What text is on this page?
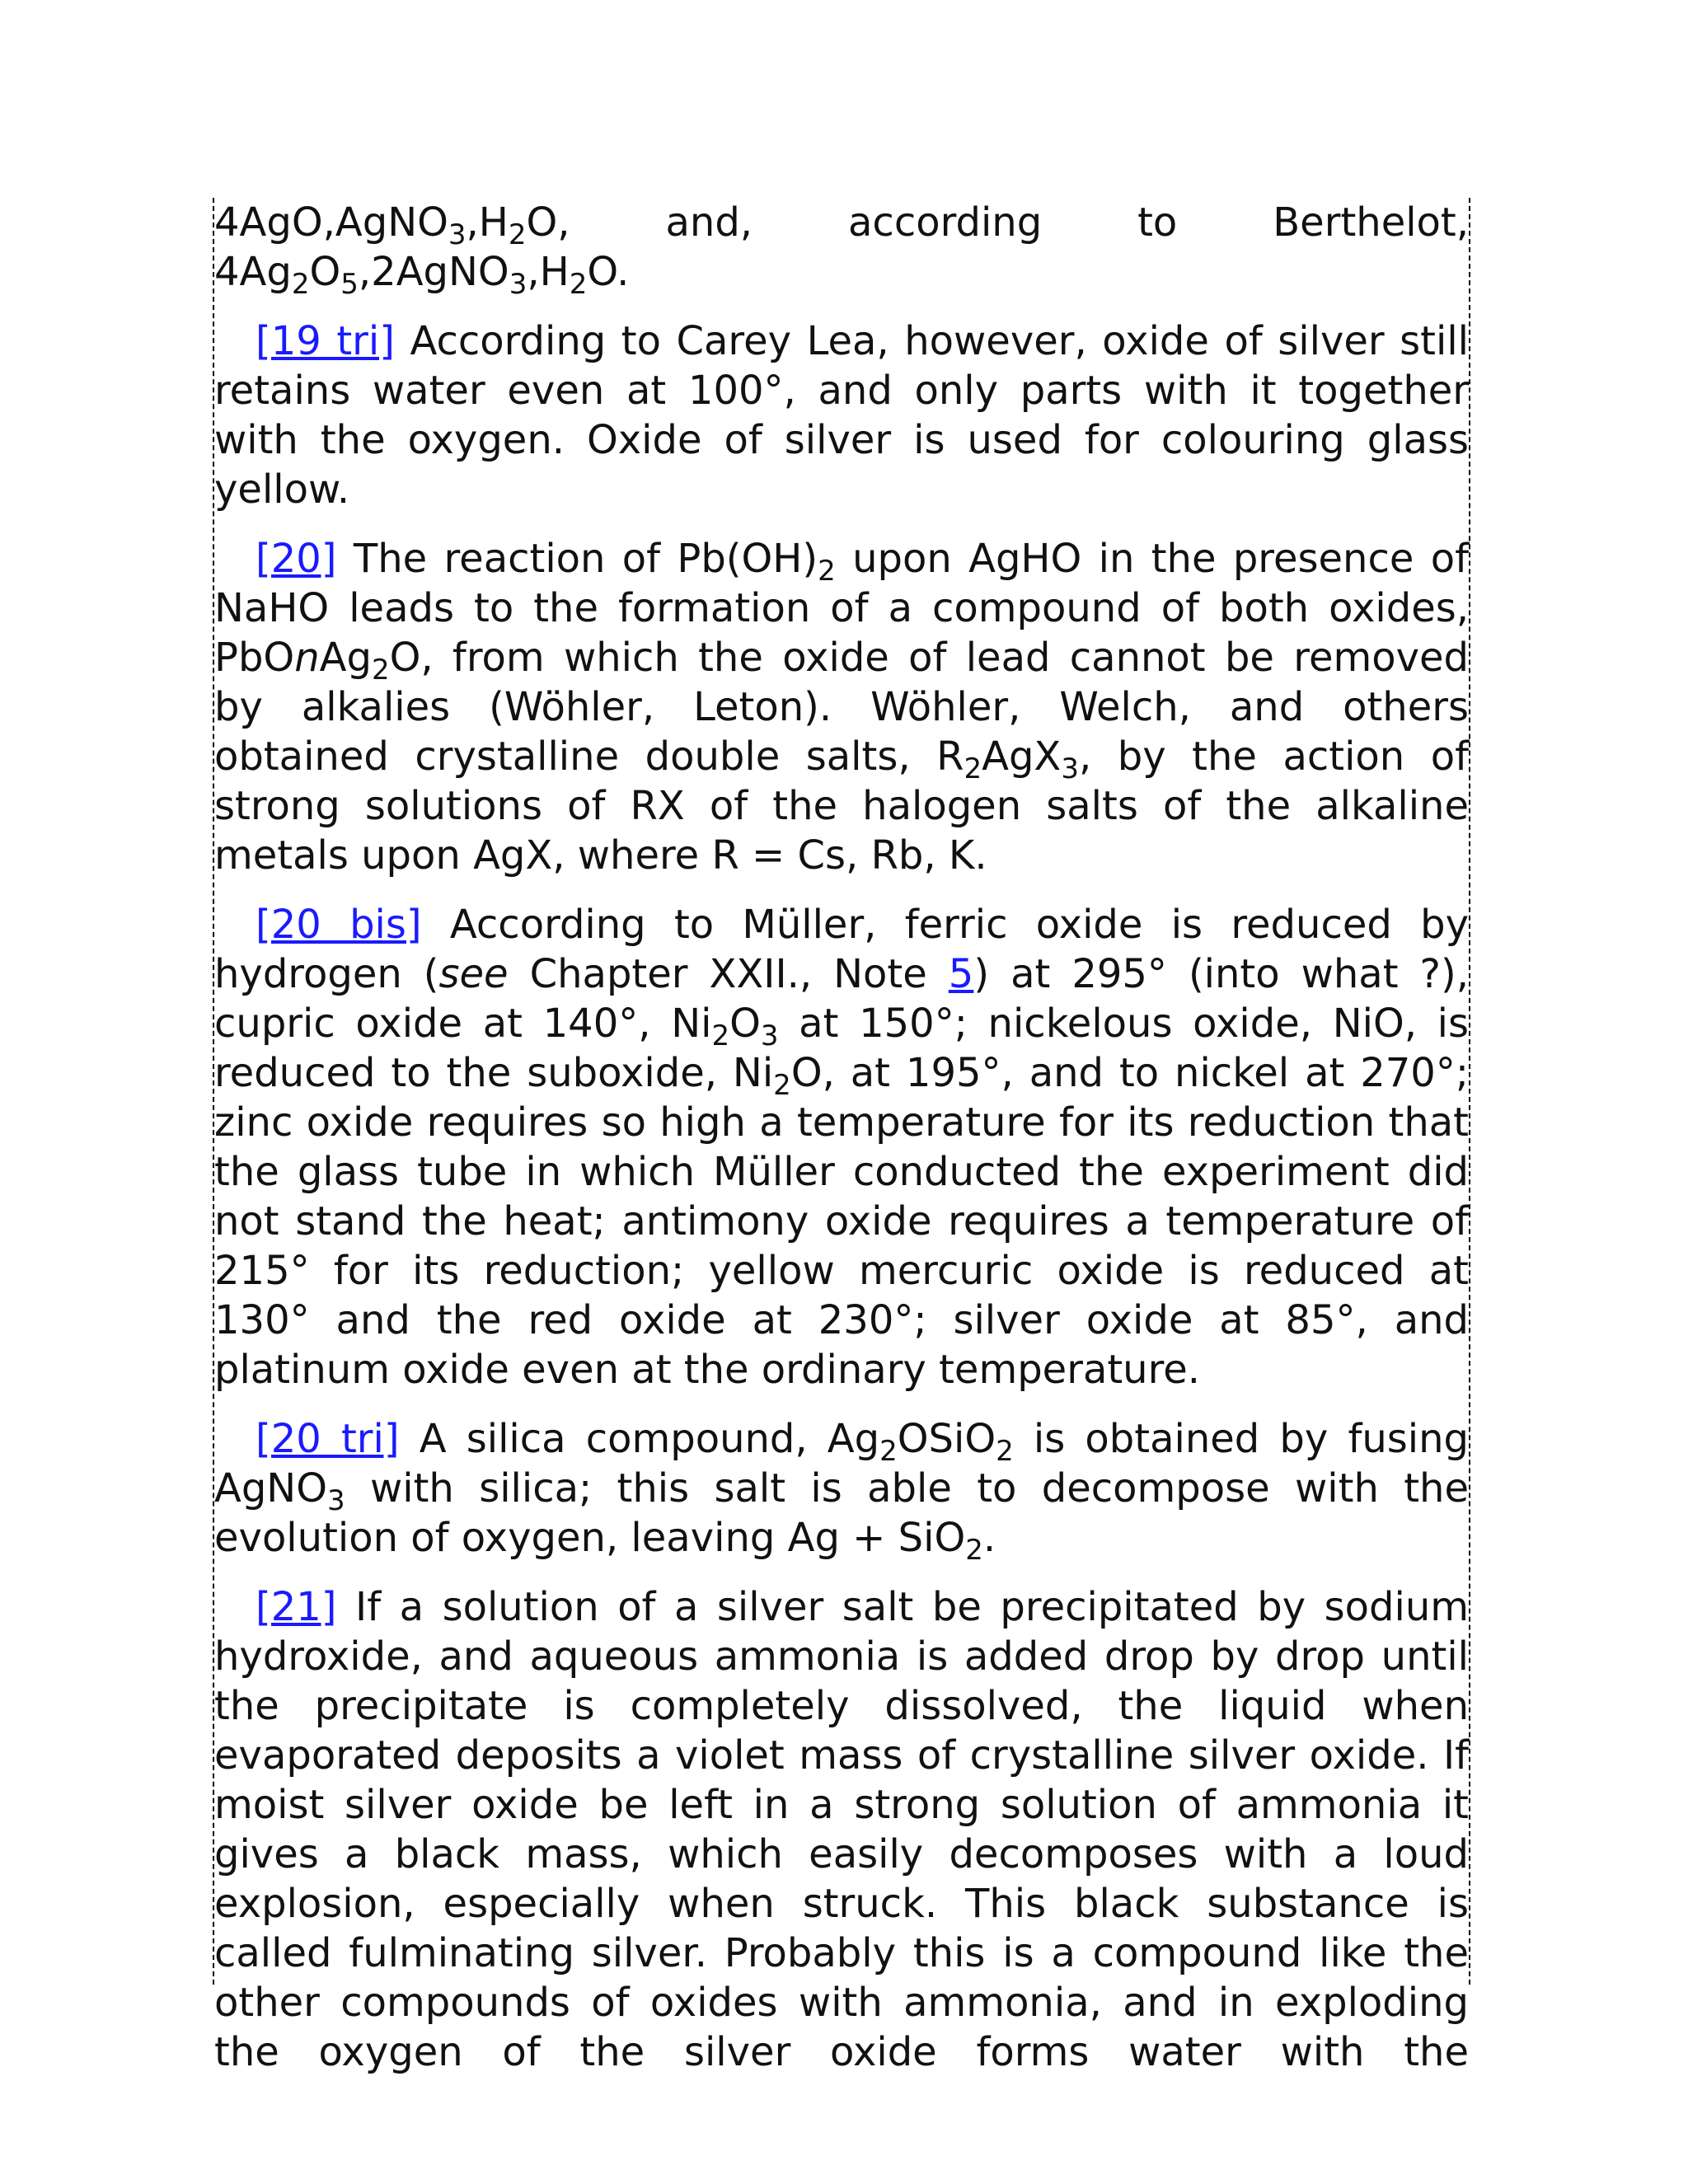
$4AgO,AgNO_3,H_2O$, and, according to Berthelot, $4Ag_2O_5,2AgNO_3,H_2O$.

[19 tri] According to Carey Lea, however, oxide of silver still retains water even at 100°, and only parts with it together with the oxygen. Oxide of silver is used for colouring glass yellow.

[20] The reaction of $Pb(OH)_2$ upon AgHO in the presence of NaHO leads to the formation of a compound of both oxides, PbOnAg$_2$O, from which the oxide of lead cannot be removed by alkalies (Wöhler, Leton). Wöhler, Welch, and others obtained crystalline double salts, $R_2AgX_3$, by the action of strong solutions of RX of the halogen salts of the alkaline metals upon AgX, where R = Cs, Rb, K.

[20 bis] According to Müller, ferric oxide is reduced by hydrogen (see Chapter XXII., Note 5) at 295° (into what ?), cupric oxide at 140°, $Ni_2O_3$ at 150°; nickelous oxide, NiO, is reduced to the suboxide, $Ni_2O$, at 195°, and to nickel at 270°; zinc oxide requires so high a temperature for its reduction that the glass tube in which Müller conducted the experiment did not stand the heat; antimony oxide requires a temperature of 215° for its reduction; yellow mercuric oxide is reduced at 130° and the red oxide at 230°; silver oxide at 85°, and platinum oxide even at the ordinary temperature.

[20 tri] A silica compound, $Ag_2OSiO_2$ is obtained by fusing AgNO$_3$ with silica; this salt is able to decompose with the evolution of oxygen, leaving Ag + SiO$_2$.

[21] If a solution of a silver salt be precipitated by sodium hydroxide, and aqueous ammonia is added drop by drop until the precipitate is completely dissolved, the liquid when evaporated deposits a violet mass of crystalline silver oxide. If moist silver oxide be left in a strong solution of ammonia it gives a black mass, which easily decomposes with a loud explosion, especially when struck. This black substance is called fulminating silver. Probably this is a compound like the other compounds of oxides with ammonia, and in exploding the oxygen of the silver oxide forms water with the
